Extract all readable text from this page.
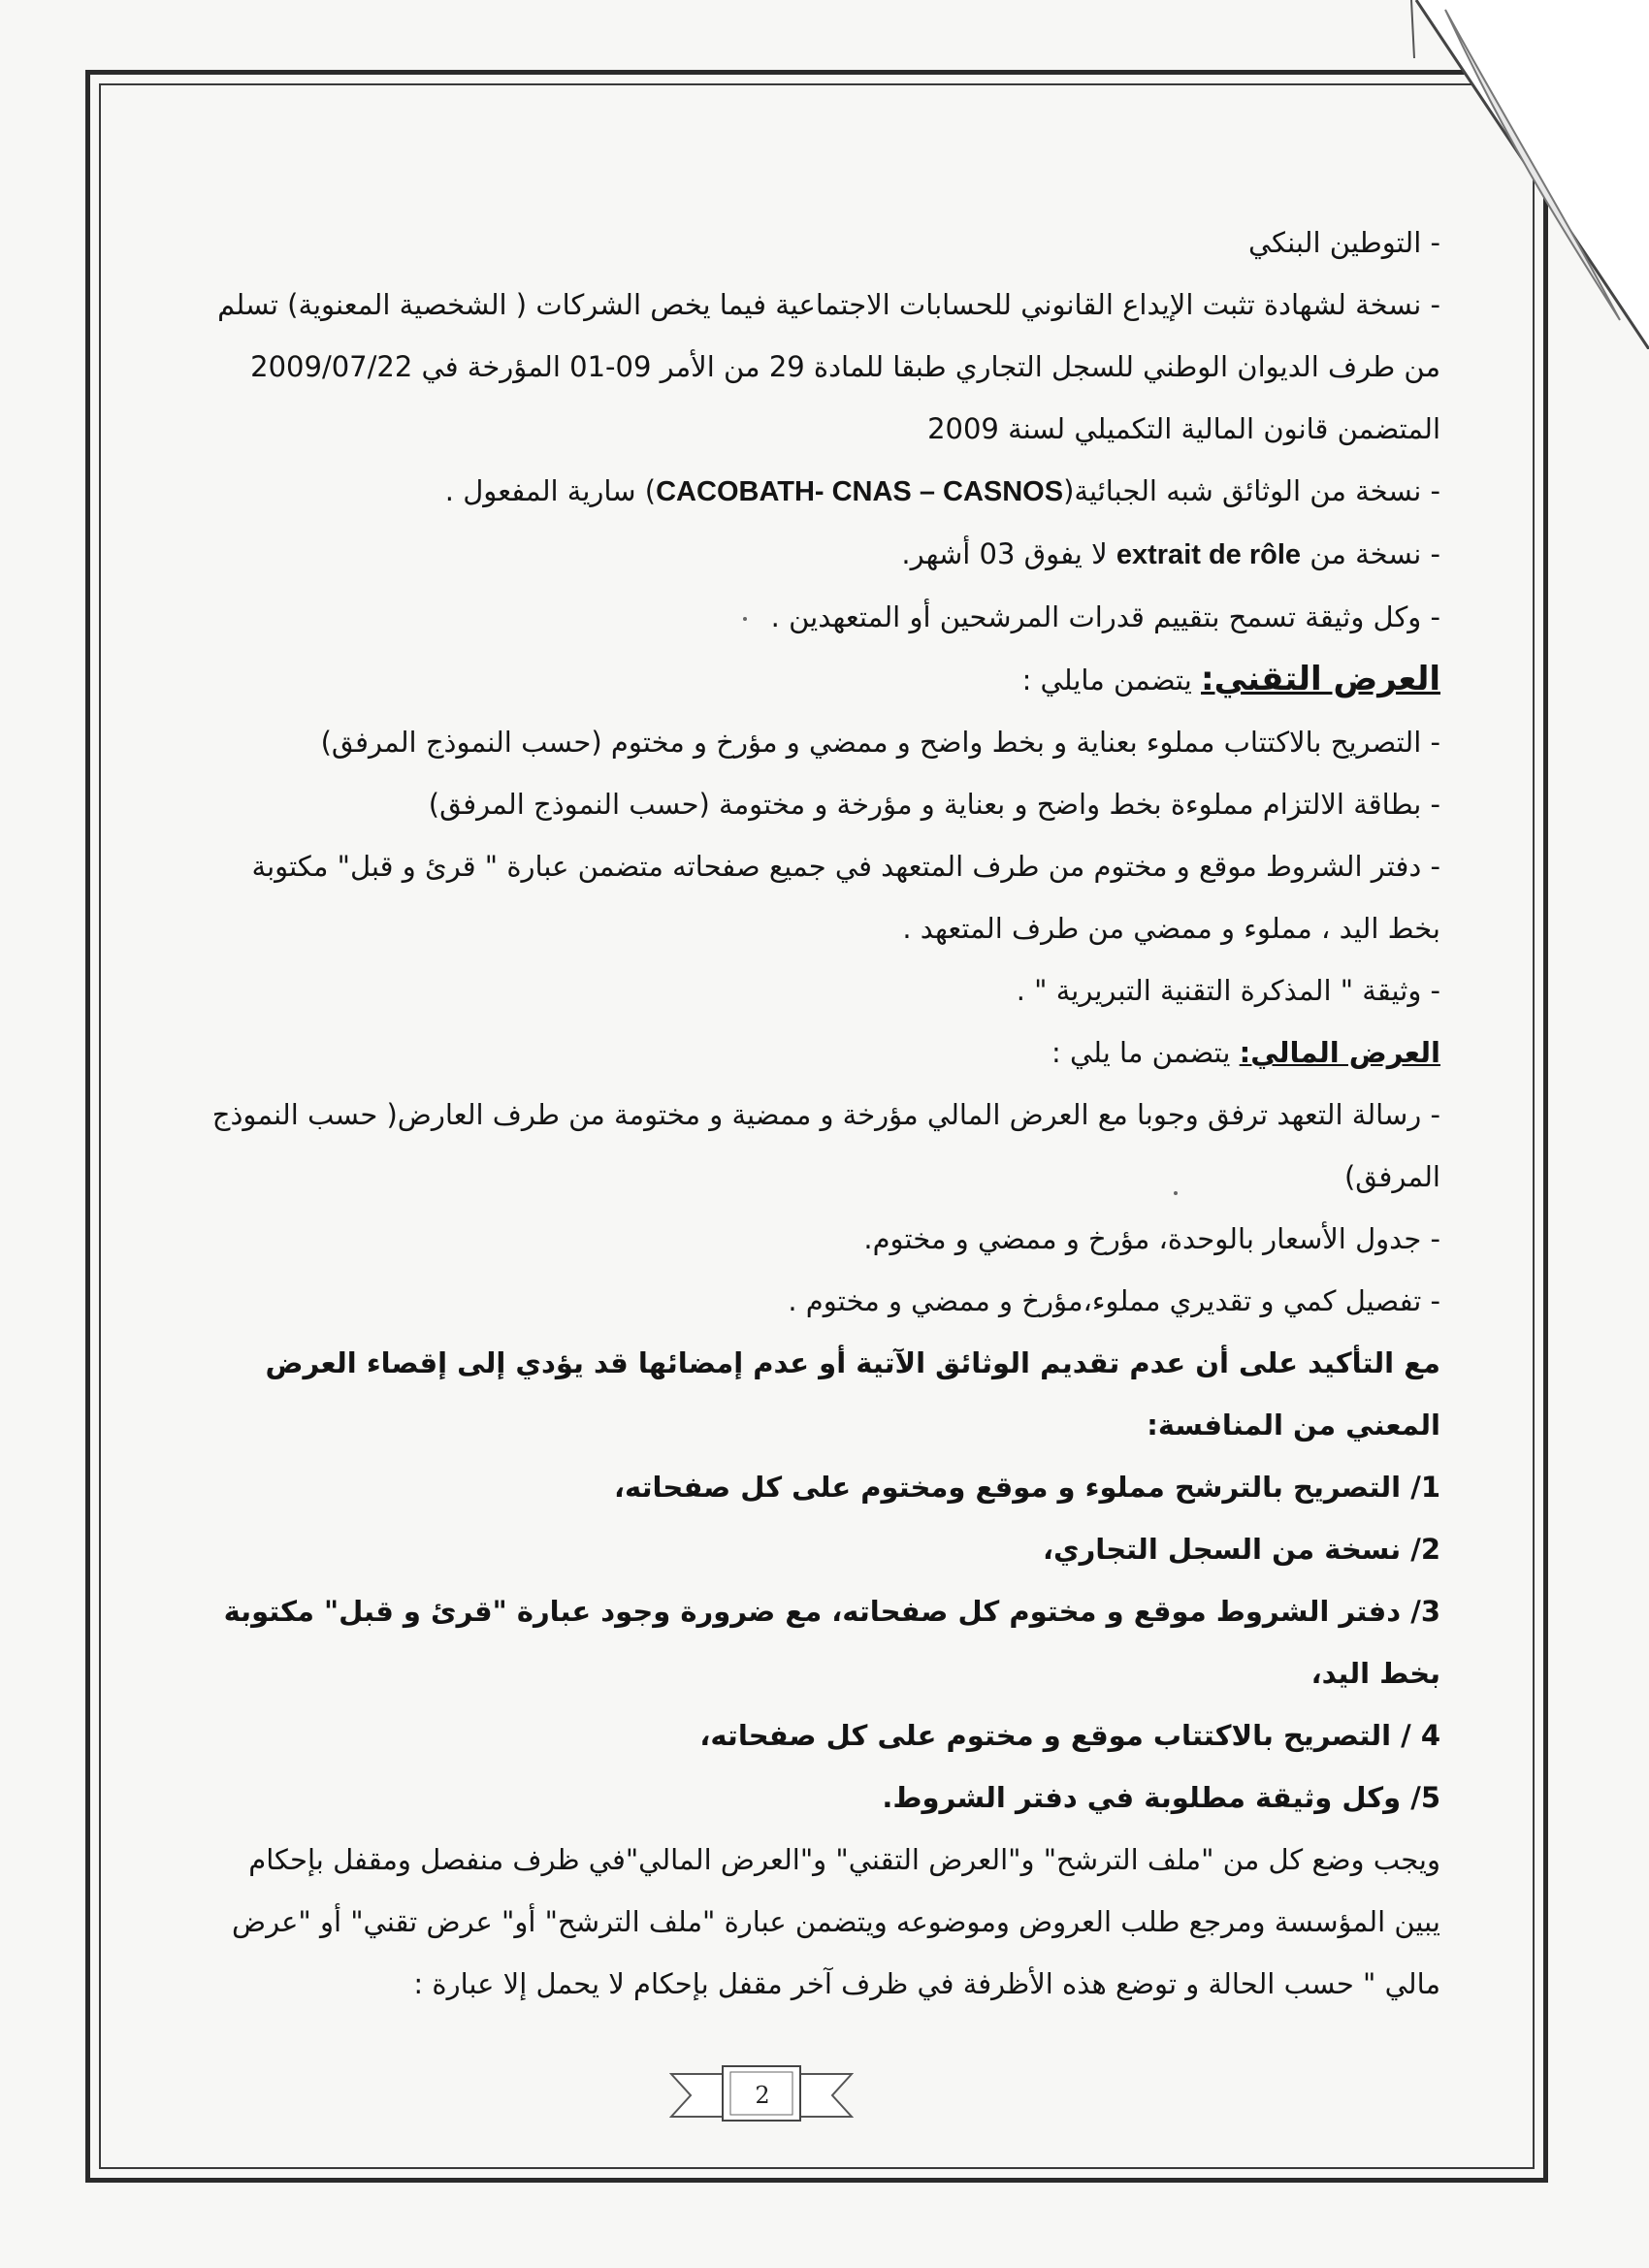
- التوطين البنكي

- نسخة لشهادة تثبت الإيداع القانوني للحسابات الاجتماعية فيما يخص الشركات ( الشخصية المعنوية) تسلم من طرف الديوان الوطني للسجل التجاري طبقا للمادة 29 من الأمر 09-01 المؤرخة في 2009/07/22 المتضمن قانون المالية التكميلي لسنة 2009

- نسخة من الوثائق شبه الجبائية(CACOBATH- CNAS – CASNOS) سارية المفعول .

- نسخة من extrait de rôle لا يفوق 03 أشهر.

- وكل وثيقة تسمح بتقييم قدرات المرشحين أو المتعهدين .

العرض التقني: يتضمن مايلي :

- التصريح بالاكتتاب مملوء بعناية و بخط واضح و ممضي و مؤرخ و مختوم (حسب النموذج المرفق)

- بطاقة الالتزام مملوءة بخط واضح و بعناية و مؤرخة و مختومة (حسب النموذج المرفق)

- دفتر الشروط موقع و مختوم من طرف المتعهد في جميع صفحاته متضمن عبارة " قرئ و قبل" مكتوبة بخط اليد ، مملوء و ممضي من طرف المتعهد .

- وثيقة " المذكرة التقنية التبريرية " .

العرض المالي: يتضمن ما يلي :

- رسالة التعهد ترفق وجوبا مع العرض المالي مؤرخة و ممضية و مختومة من طرف العارض( حسب النموذج المرفق)

- جدول الأسعار بالوحدة، مؤرخ و ممضي و مختوم.

- تفصيل كمي و تقديري مملوء،مؤرخ و ممضي و مختوم .

مع التأكيد على أن عدم تقديم الوثائق الآتية أو عدم إمضائها قد يؤدي إلى إقصاء العرض المعني من المنافسة:

1/ التصريح بالترشح مملوء و موقع ومختوم على كل صفحاته،

2/ نسخة من السجل التجاري،

3/ دفتر الشروط موقع و مختوم كل صفحاته، مع ضرورة وجود عبارة "قرئ و قبل" مكتوبة بخط اليد،

4 / التصريح بالاكتتاب موقع و مختوم على كل صفحاته،

5/ وكل وثيقة مطلوبة في دفتر الشروط.

ويجب وضع كل من "ملف الترشح" و"العرض التقني" و"العرض المالي"في ظرف منفصل ومقفل بإحكام يبين المؤسسة ومرجع طلب العروض وموضوعه ويتضمن عبارة "ملف الترشح" أو" عرض تقني" أو "عرض مالي " حسب الحالة و توضع هذه الأظرفة في ظرف آخر مقفل بإحكام لا يحمل إلا عبارة :

2
